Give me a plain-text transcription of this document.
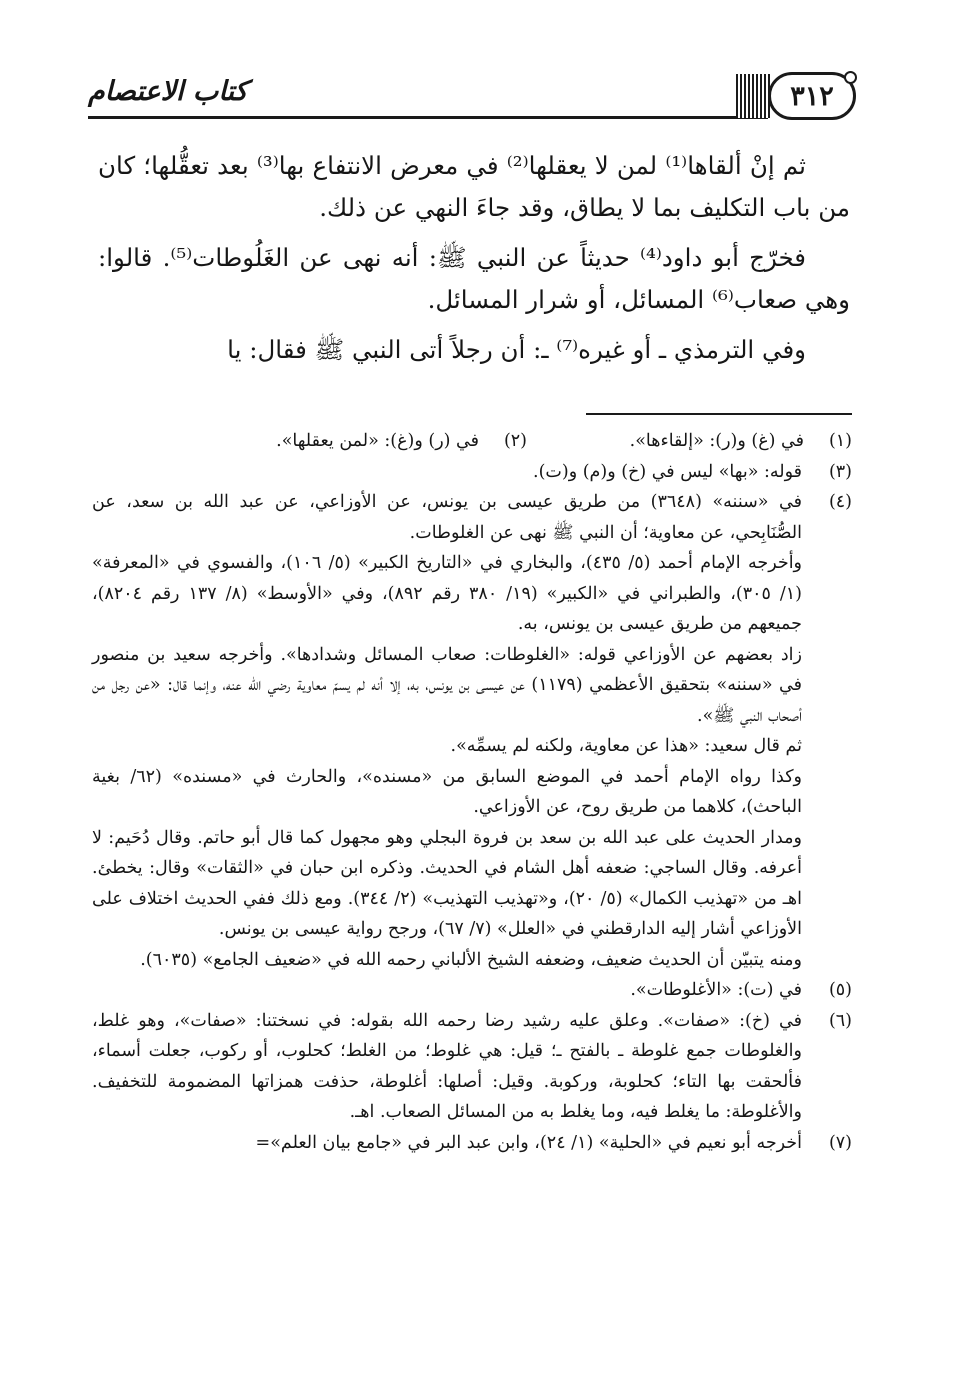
كتاب الاعتصام	٣١٢

ثم إنْ ألقاها⁽¹⁾ لمن لا يعقلها⁽²⁾ في معرض الانتفاع بها⁽³⁾ بعد تعقُّلها؛ كان من باب التكليف بما لا يطاق، وقد جاءَ النهي عن ذلك.

فخرّج أبو داود⁽⁴⁾ حديثاً عن النبي ﷺ: أنه نهى عن الغَلُوطات⁽⁵⁾. قالوا: وهي صعاب⁽⁶⁾ المسائل، أو شرار المسائل.

وفي الترمذي ـ أو غيره⁽⁷⁾ ـ: أن رجلاً أتى النبي ﷺ فقال: يا

(١)
في (غ) و(ر): «إلقاءها».
(٢)
في (ر) و(غ): «لمن يعقلها».
(٣)
قوله: «بها» ليس في (خ) و(م) و(ت).
(٤)

في «سننه» (٣٦٤٨) من طريق عيسى بن يونس، عن الأوزاعي، عن عبد الله بن سعد، عن الصُّنَابِحي، عن معاوية؛ أن النبي ﷺ نهى عن الغلوطات.

وأخرجه الإمام أحمد (٥/ ٤٣٥)، والبخاري في «التاريخ الكبير» (٥/ ١٠٦)، والفسوي في «المعرفة» (١/ ٣٠٥)، والطبراني في «الكبير» (١٩/ ٣٨٠ رقم ٨٩٢)، وفي «الأوسط» (٨/ ١٣٧ رقم ٨٢٠٤)، جميعهم من طريق عيسى بن يونس، به.

زاد بعضهم عن الأوزاعي قوله: «الغلوطات: صعاب المسائل وشدادها». وأخرجه سعيد بن منصور في «سننه» بتحقيق الأعظمي (١١٧٩) عن عيسى بن يونس، به، إلا أنه لم يسمّ معاوية رضي الله عنه، وإنما قال: «عن رجل من أصحاب النبي ﷺ».

ثم قال سعيد: «هذا عن معاوية، ولكنه لم يسمِّه».

وكذا رواه الإمام أحمد في الموضع السابق من «مسنده»، والحارث في «مسنده» (٦٢/ بغية الباحث)، كلاهما من طريق روح، عن الأوزاعي.

ومدار الحديث على عبد الله بن سعد بن فروة البجلي وهو مجهول كما قال أبو حاتم. وقال دُحَيم: لا أعرفه. وقال الساجي: ضعفه أهل الشام في الحديث. وذكره ابن حبان في «الثقات» وقال: يخطئ. اهـ من «تهذيب الكمال» (٥/ ٢٠)، و«تهذيب التهذيب» (٢/ ٣٤٤). ومع ذلك ففي الحديث اختلاف على الأوزاعي أشار إليه الدارقطني في «العلل» (٧/ ٦٧)، ورجح رواية عيسى بن يونس.

ومنه يتبيّن أن الحديث ضعيف، وضعفه الشيخ الألباني رحمه الله في «ضعيف الجامع» (٦٠٣٥).

(٥)
في (ت): «الأغلوطات».
(٦)
في (خ): «صفات». وعلق عليه رشيد رضا رحمه الله بقوله: في نسختنا: «صفات»، وهو غلط، والغلوطات جمع غلوطة ـ بالفتح ـ؛ قيل: هي غلوط؛ من الغلط؛ كحلوب، أو ركوب، جعلت أسماء، فألحقت بها التاء؛ كحلوبة، وركوبة. وقيل: أصلها: أغلوطة، حذفت همزاتها المضمومة للتخفيف. والأغلوطة: ما يغلط فيه، وما يغلط به من المسائل الصعاب. اهـ.
(٧)
أخرجه أبو نعيم في «الحلية» (١/ ٢٤)، وابن عبد البر في «جامع بيان العلم»=
